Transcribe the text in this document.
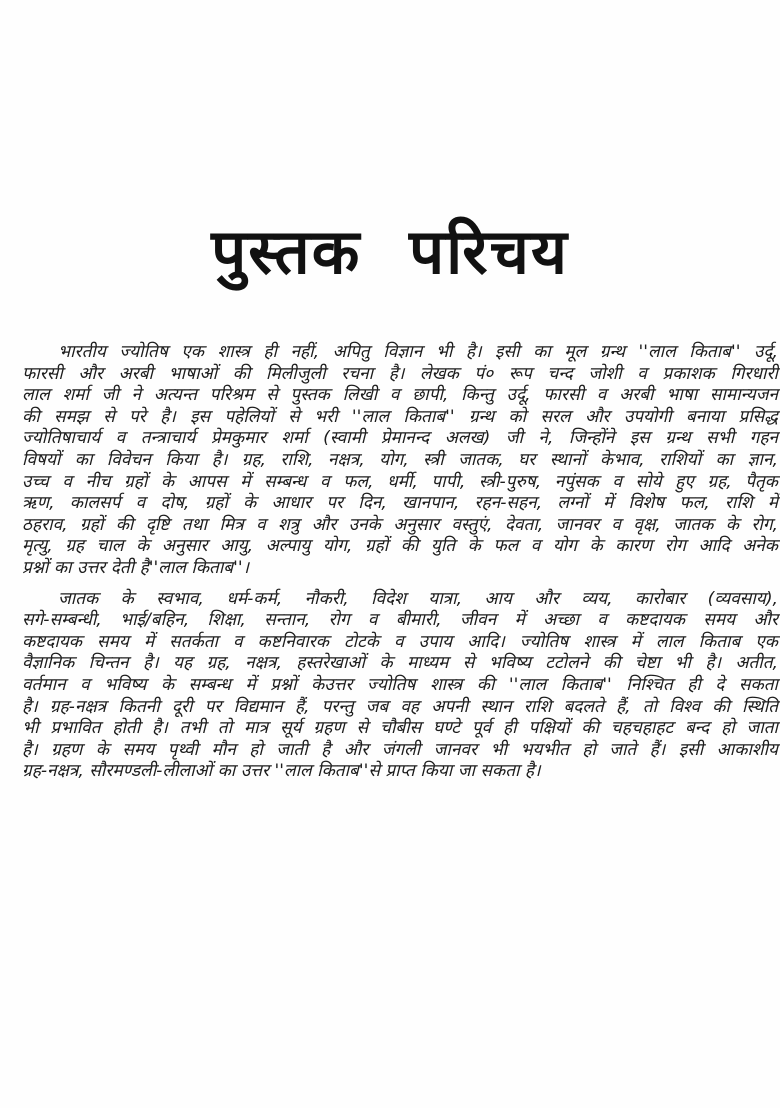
पुस्तक परिचय
भारतीय ज्योतिष एक शास्त्र ही नहीं, अपितु विज्ञान भी है। इसी का मूल ग्रन्थ ''लाल किताब'' उर्दू,
फारसी और अरबी भाषाओं की मिलीजुली रचना है। लेखक पं० रूप चन्द जोशी व प्रकाशक गिरधारी
लाल शर्मा जी ने अत्यन्त परिश्रम से पुस्तक लिखी व छापी, किन्तु उर्दू, फारसी व अरबी भाषा सामान्यजन
की समझ से परे है। इस पहेलियों से भरी ''लाल किताब'' ग्रन्थ को सरल और उपयोगी बनाया प्रसिद्ध
ज्योतिषाचार्य व तन्त्राचार्य प्रेमकुमार शर्मा (स्वामी प्रेमानन्द अलख) जी ने, जिन्होंने इस ग्रन्थ सभी गहन
विषयों का विवेचन किया है। ग्रह, राशि, नक्षत्र, योग, स्त्री जातक, घर स्थानों केभाव, राशियों का ज्ञान,
उच्च व नीच ग्रहों के आपस में सम्बन्ध व फल, धर्मी, पापी, स्त्री-पुरुष, नपुंसक व सोये हुए ग्रह, पैतृक
ऋण, कालसर्प व दोष, ग्रहों के आधार पर दिन, खानपान, रहन-सहन, लग्नों में विशेष फल, राशि में
ठहराव, ग्रहों की दृष्टि तथा मित्र व शत्रु और उनके अनुसार वस्तुएं, देवता, जानवर व वृक्ष, जातक के रोग,
मृत्यु, ग्रह चाल के अनुसार आयु, अल्पायु योग, ग्रहों की युति के फल व योग के कारण रोग आदि अनेक
प्रश्नों का उत्तर देती है''लाल किताब''।
जातक के स्वभाव, धर्म-कर्म, नौकरी, विदेश यात्रा, आय और व्यय, कारोबार (व्यवसाय),
सगे-सम्बन्धी, भाई/बहिन, शिक्षा, सन्तान, रोग व बीमारी, जीवन में अच्छा व कष्टदायक समय और
कष्टदायक समय में सतर्कता व कष्टनिवारक टोटके व उपाय आदि। ज्योतिष शास्त्र में लाल किताब एक
वैज्ञानिक चिन्तन है। यह ग्रह, नक्षत्र, हस्तरेखाओं के माध्यम से भविष्य टटोलने की चेष्टा भी है। अतीत,
वर्तमान व भविष्य के सम्बन्ध में प्रश्नों केउत्तर ज्योतिष शास्त्र की ''लाल किताब'' निश्चित ही दे सकता
है। ग्रह-नक्षत्र कितनी दूरी पर विद्यमान हैं, परन्तु जब वह अपनी स्थान राशि बदलते हैं, तो विश्व की स्थिति
भी प्रभावित होती है। तभी तो मात्र सूर्य ग्रहण से चौबीस घण्टे पूर्व ही पक्षियों की चहचहाहट बन्द हो जाता
है। ग्रहण के समय पृथ्वी मौन हो जाती है और जंगली जानवर भी भयभीत हो जाते हैं। इसी आकाशीय
ग्रह-नक्षत्र, सौरमण्डली-लीलाओं का उत्तर ''लाल किताब''से प्राप्त किया जा सकता है।
